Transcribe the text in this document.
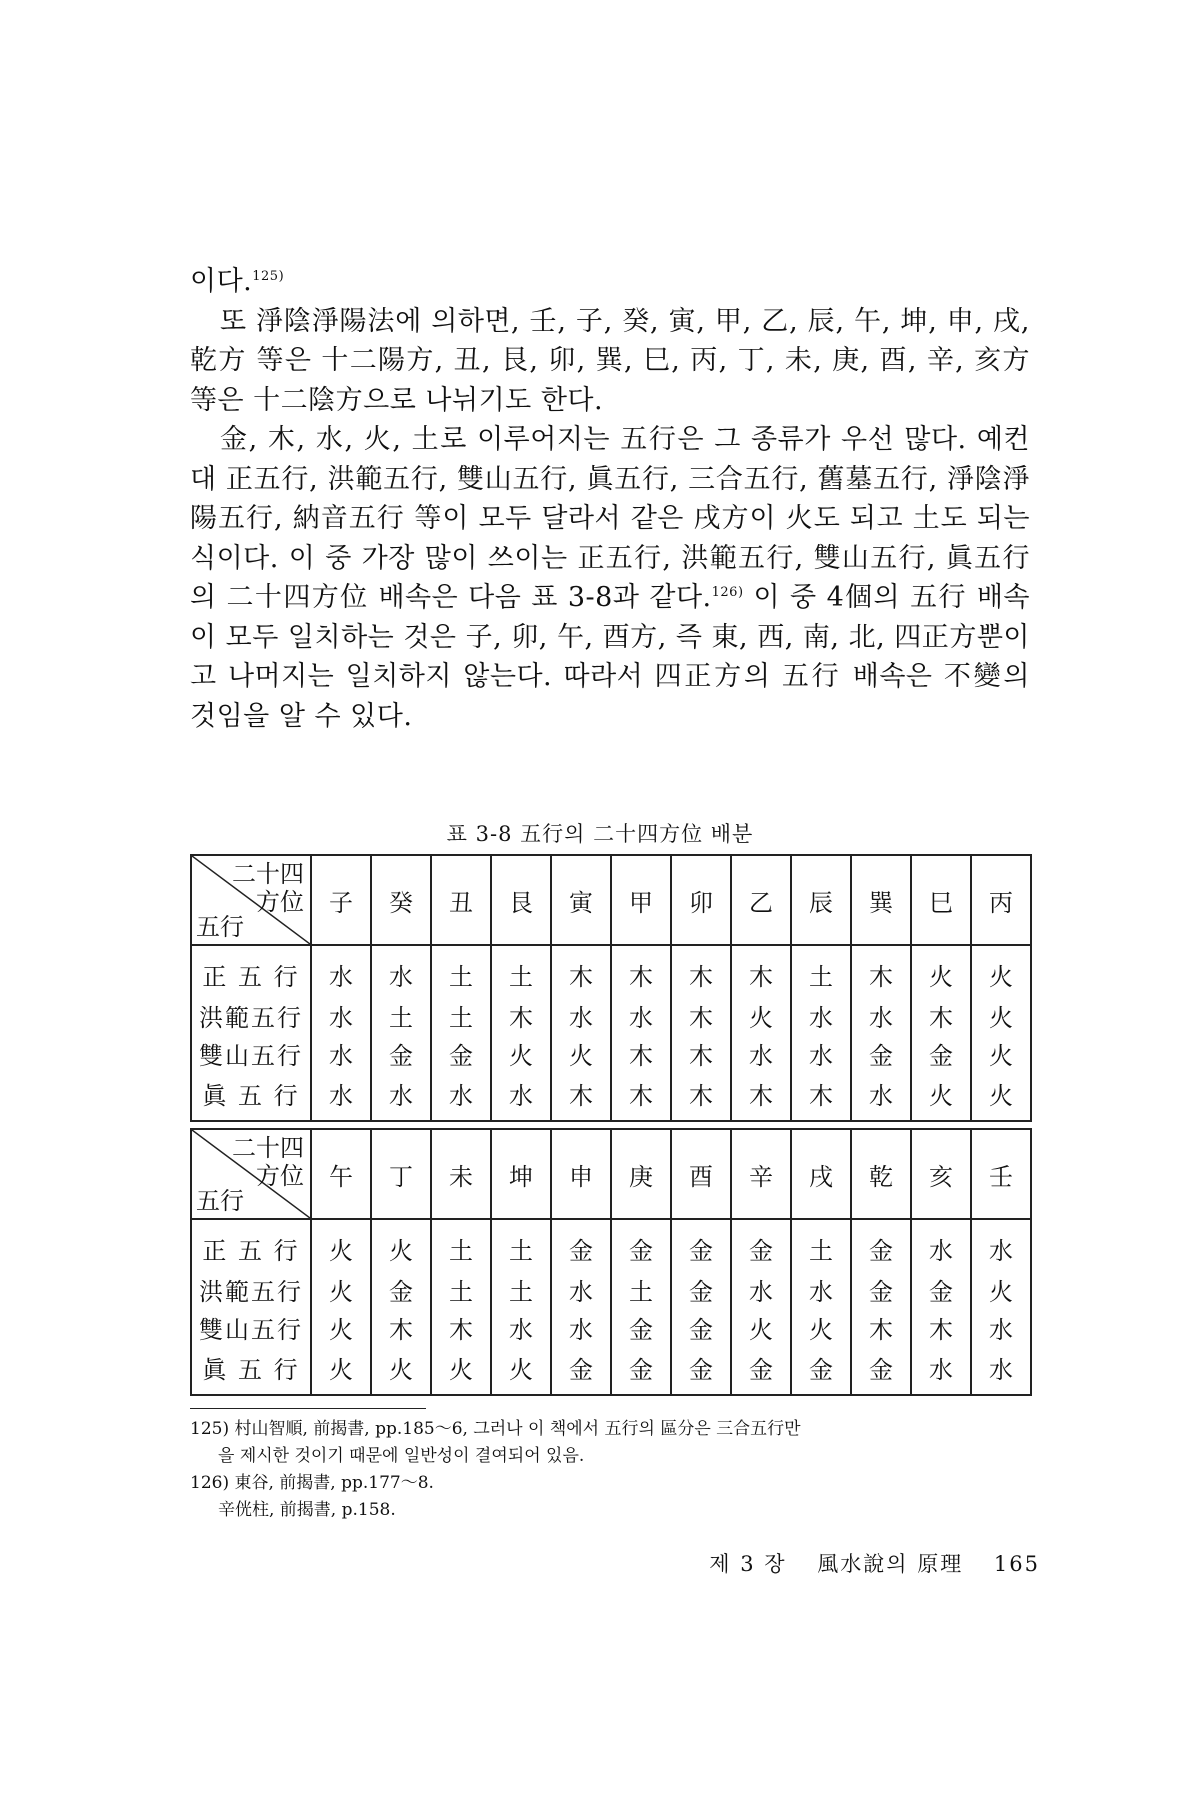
이다.$^{125)}$

또 淨陰淨陽法에 의하면, 壬, 子, 癸, 寅, 甲, 乙, 辰, 午, 坤, 申, 戌, 乾方 等은 十二陽方, 丑, 艮, 卯, 巽, 巳, 丙, 丁, 未, 庚, 酉, 辛, 亥方 等은 十二陰方으로 나뉘기도 한다.

金, 木, 水, 火, 土로 이루어지는 五行은 그 종류가 우선 많다. 예컨대 正五行, 洪範五行, 雙山五行, 眞五行, 三合五行, 舊墓五行, 淨陰淨陽五行, 納音五行 等이 모두 달라서 같은 戌方이 火도 되고 土도 되는 식이다. 이 중 가장 많이 쓰이는 正五行, 洪範五行, 雙山五行, 眞五行의 二十四方位 배속은 다음 표 3-8과 같다.$^{126)}$ 이 중 4個의 五行 배속이 모두 일치하는 것은 子, 卯, 午, 酉方, 즉 東, 西, 南, 北, 四正方뿐이고 나머지는 일치하지 않는다. 따라서 四正方의 五行 배속은 不變의 것임을 알 수 있다.

표 3-8 五行의 二十四方位 배분
二十四
方位
五行	子	癸	丑	艮	寅	甲	卯	乙	辰	巽	巳	丙
正 五 行	水	水	土	土	木	木	木	木	土	木	火	火
洪範五行	水	土	土	木	水	水	木	火	水	水	木	火
雙山五行	水	金	金	火	火	木	木	水	水	金	金	火
眞 五 行	水	水	水	水	木	木	木	木	木	水	火	火
二十四
方位
五行	午	丁	未	坤	申	庚	酉	辛	戌	乾	亥	壬
正 五 行	火	火	土	土	金	金	金	金	土	金	水	水
洪範五行	火	金	土	土	水	土	金	水	水	金	金	火
雙山五行	火	木	木	水	水	金	金	火	火	木	木	水
眞 五 行	火	火	火	火	金	金	金	金	金	金	水	水

125) 村山智順, 前揭書, pp.185～6, 그러나 이 책에서 五行의 區分은 三合五行만

을 제시한 것이기 때문에 일반성이 결여되어 있음.

126) 東谷, 前揭書, pp.177～8.

辛侊柱, 前揭書, p.158.

제 3 장 風水說의 原理 165
